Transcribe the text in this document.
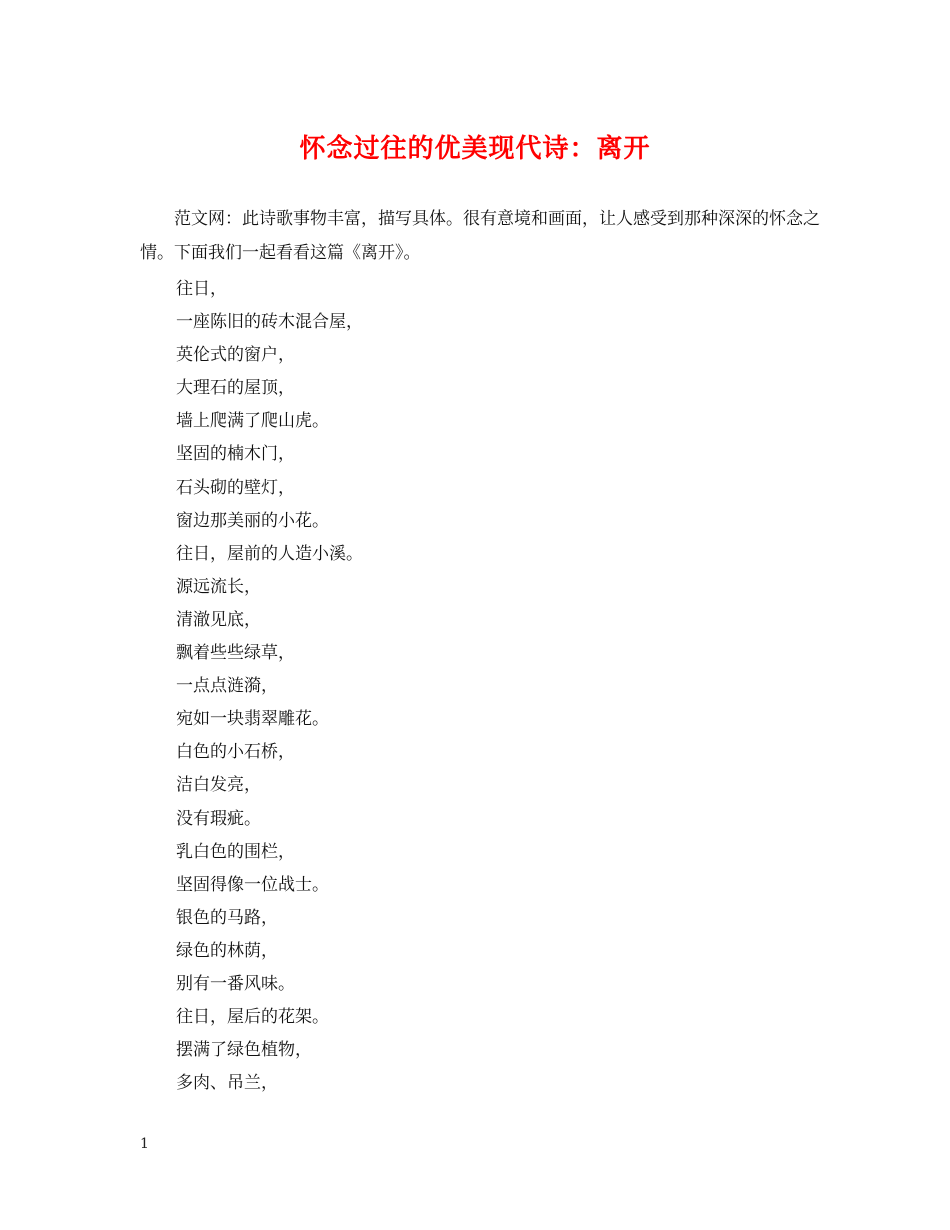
怀念过往的优美现代诗：离开

范文网：此诗歌事物丰富，描写具体。很有意境和画面，让人感受到那种深深的怀念之情。下面我们一起看看这篇《离开》。

往日，
一座陈旧的砖木混合屋，
英伦式的窗户，
大理石的屋顶，
墙上爬满了爬山虎。
坚固的楠木门，
石头砌的壁灯，
窗边那美丽的小花。
往日，屋前的人造小溪。
源远流长，
清澈见底，
飘着些些绿草，
一点点涟漪，
宛如一块翡翠雕花。
白色的小石桥，
洁白发亮，
没有瑕疵。
乳白色的围栏，
坚固得像一位战士。
银色的马路，
绿色的林荫，
别有一番风味。
往日，屋后的花架。
摆满了绿色植物，
多肉、吊兰，
1
